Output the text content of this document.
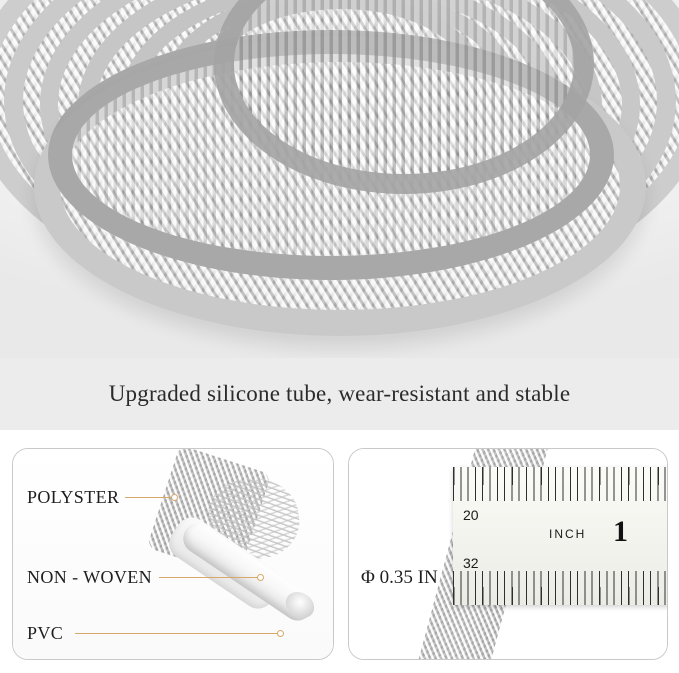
Upgraded silicone tube, wear-resistant and stable
POLYSTER
NON - WOVEN
PVC
20
32
INCH 1
Φ 0.35 IN
